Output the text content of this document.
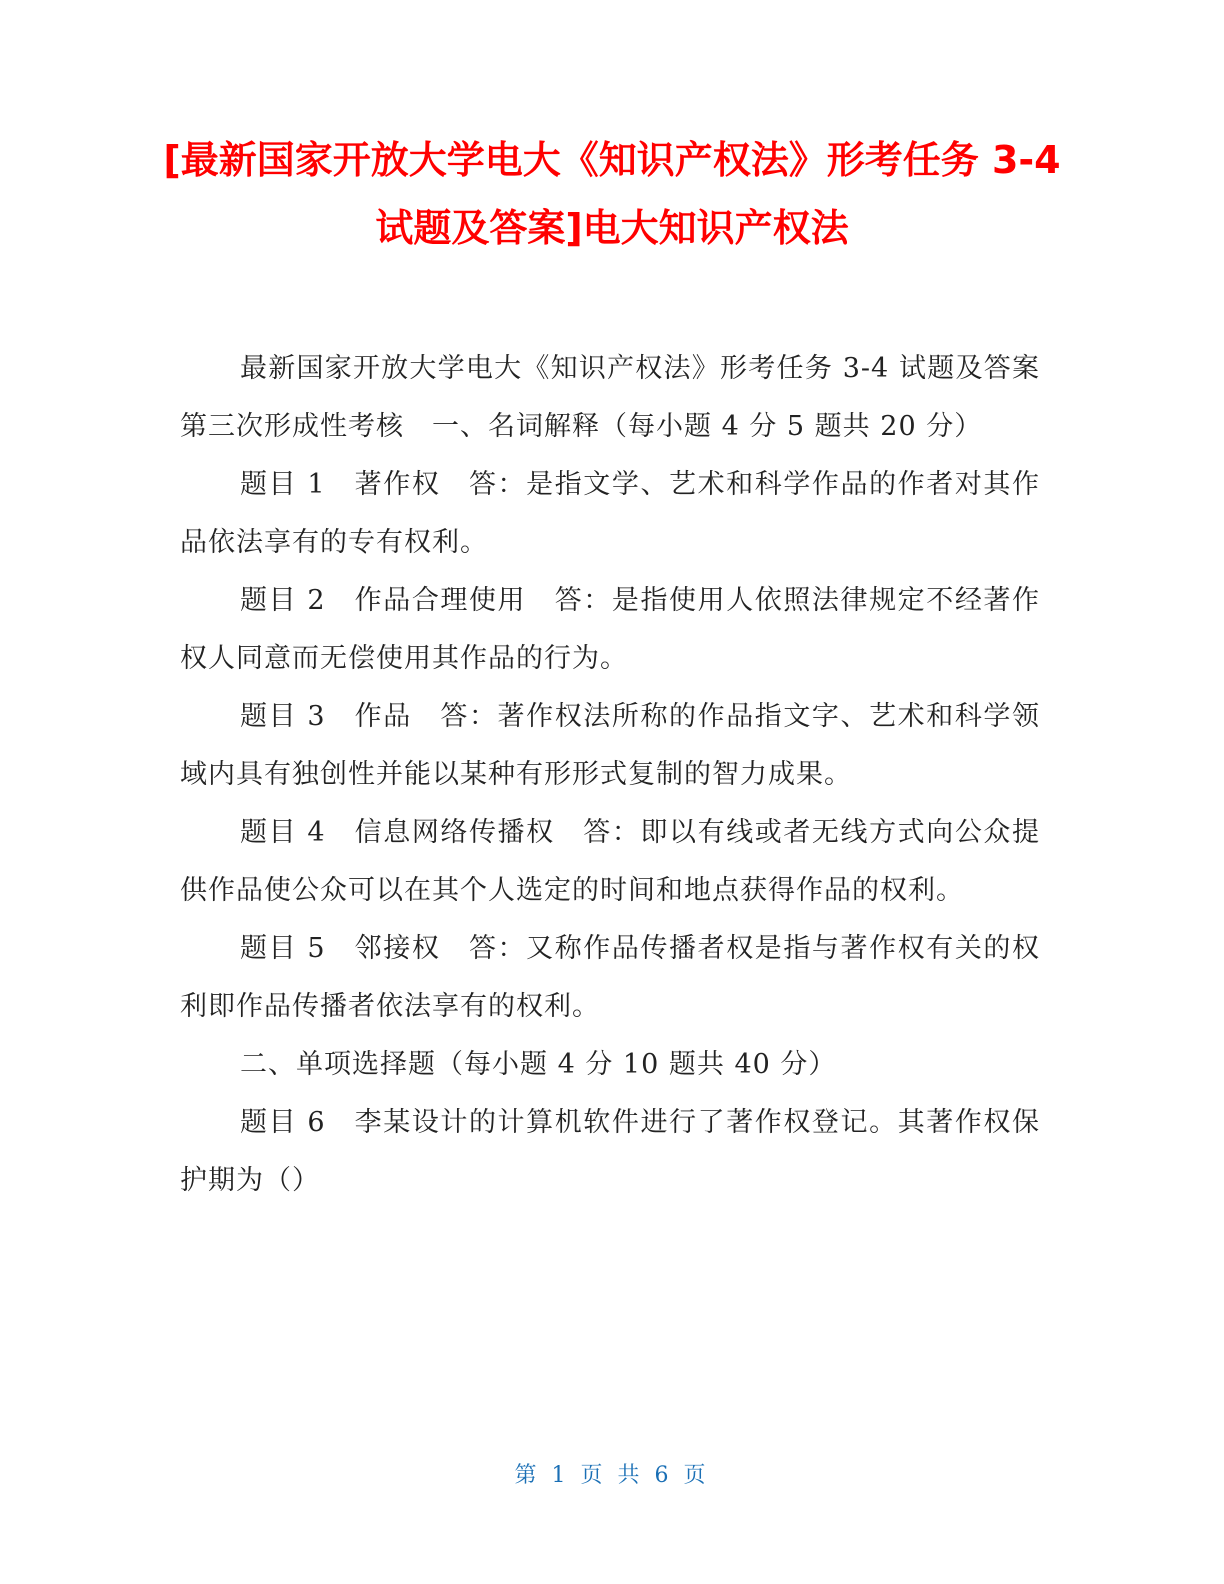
[最新国家开放大学电大《知识产权法》形考任务 3-4 试题及答案]电大知识产权法

最新国家开放大学电大《知识产权法》形考任务 3-4 试题及答案　第三次形成性考核　一、名词解释（每小题 4 分 5 题共 20 分）

题目 1　著作权　答：是指文学、艺术和科学作品的作者对其作品依法享有的专有权利。

题目 2　作品合理使用　答：是指使用人依照法律规定不经著作权人同意而无偿使用其作品的行为。

题目 3　作品　答：著作权法所称的作品指文字、艺术和科学领域内具有独创性并能以某种有形形式复制的智力成果。

题目 4　信息网络传播权　答：即以有线或者无线方式向公众提供作品使公众可以在其个人选定的时间和地点获得作品的权利。

题目 5　邻接权　答：又称作品传播者权是指与著作权有关的权利即作品传播者依法享有的权利。

二、单项选择题（每小题 4 分 10 题共 40 分）

题目 6　李某设计的计算机软件进行了著作权登记。其著作权保护期为（）

第 1 页 共 6 页
